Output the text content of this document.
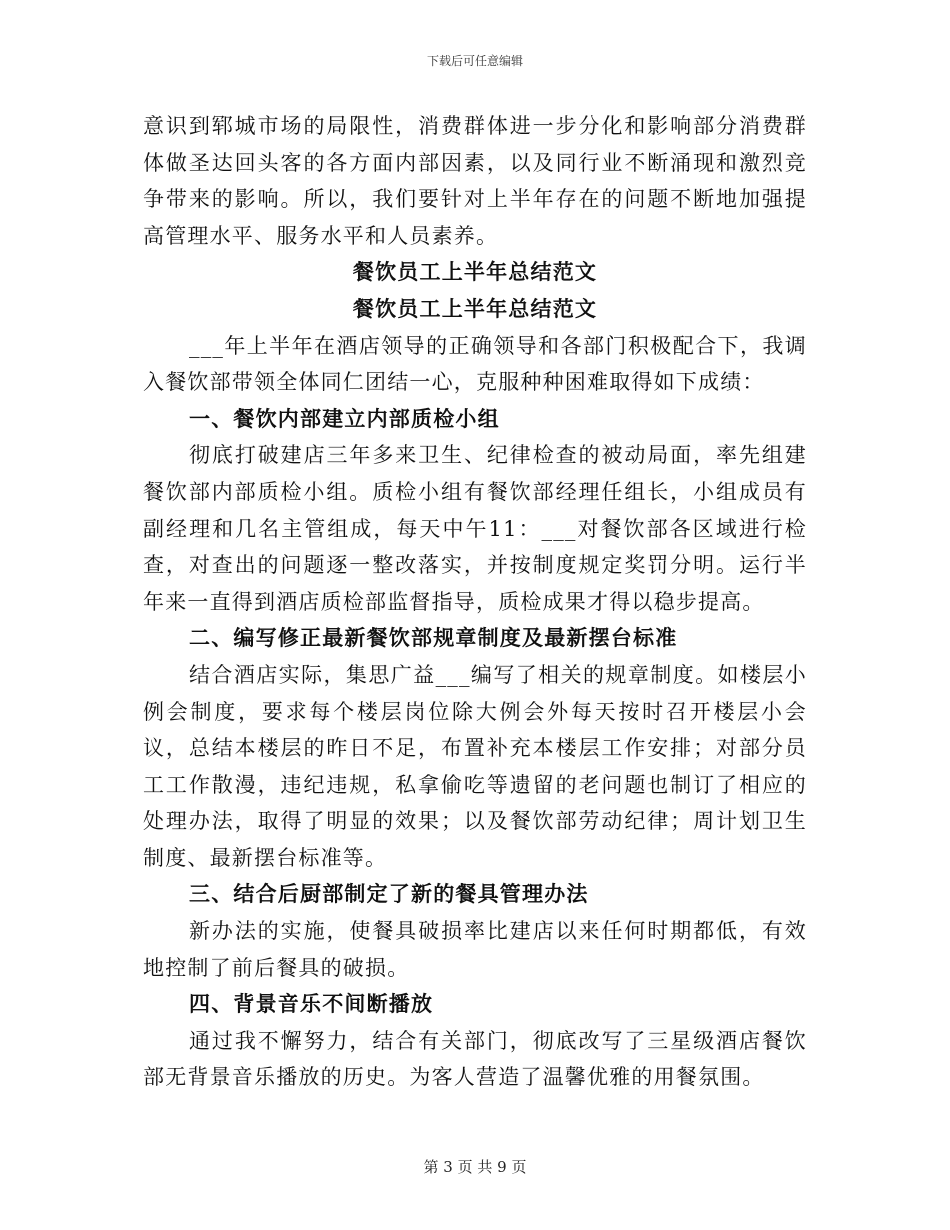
下载后可任意编辑

意识到郓城市场的局限性，消费群体进一步分化和影响部分消费群体做圣达回头客的各方面内部因素，以及同行业不断涌现和激烈竞争带来的影响。所以，我们要针对上半年存在的问题不断地加强提高管理水平、服务水平和人员素养。

餐饮员工上半年总结范文

餐饮员工上半年总结范文

___年上半年在酒店领导的正确领导和各部门积极配合下，我调入餐饮部带领全体同仁团结一心，克服种种困难取得如下成绩：

一、餐饮内部建立内部质检小组

彻底打破建店三年多来卫生、纪律检查的被动局面，率先组建餐饮部内部质检小组。质检小组有餐饮部经理任组长，小组成员有副经理和几名主管组成，每天中午11：___对餐饮部各区域进行检查，对查出的问题逐一整改落实，并按制度规定奖罚分明。运行半年来一直得到酒店质检部监督指导，质检成果才得以稳步提高。

二、编写修正最新餐饮部规章制度及最新摆台标准

结合酒店实际，集思广益___编写了相关的规章制度。如楼层小例会制度，要求每个楼层岗位除大例会外每天按时召开楼层小会议，总结本楼层的昨日不足，布置补充本楼层工作安排；对部分员工工作散漫，违纪违规，私拿偷吃等遗留的老问题也制订了相应的处理办法，取得了明显的效果；以及餐饮部劳动纪律；周计划卫生制度、最新摆台标准等。

三、结合后厨部制定了新的餐具管理办法

新办法的实施，使餐具破损率比建店以来任何时期都低，有效地控制了前后餐具的破损。

四、背景音乐不间断播放

通过我不懈努力，结合有关部门，彻底改写了三星级酒店餐饮部无背景音乐播放的历史。为客人营造了温馨优雅的用餐氛围。

第 3 页 共 9 页
